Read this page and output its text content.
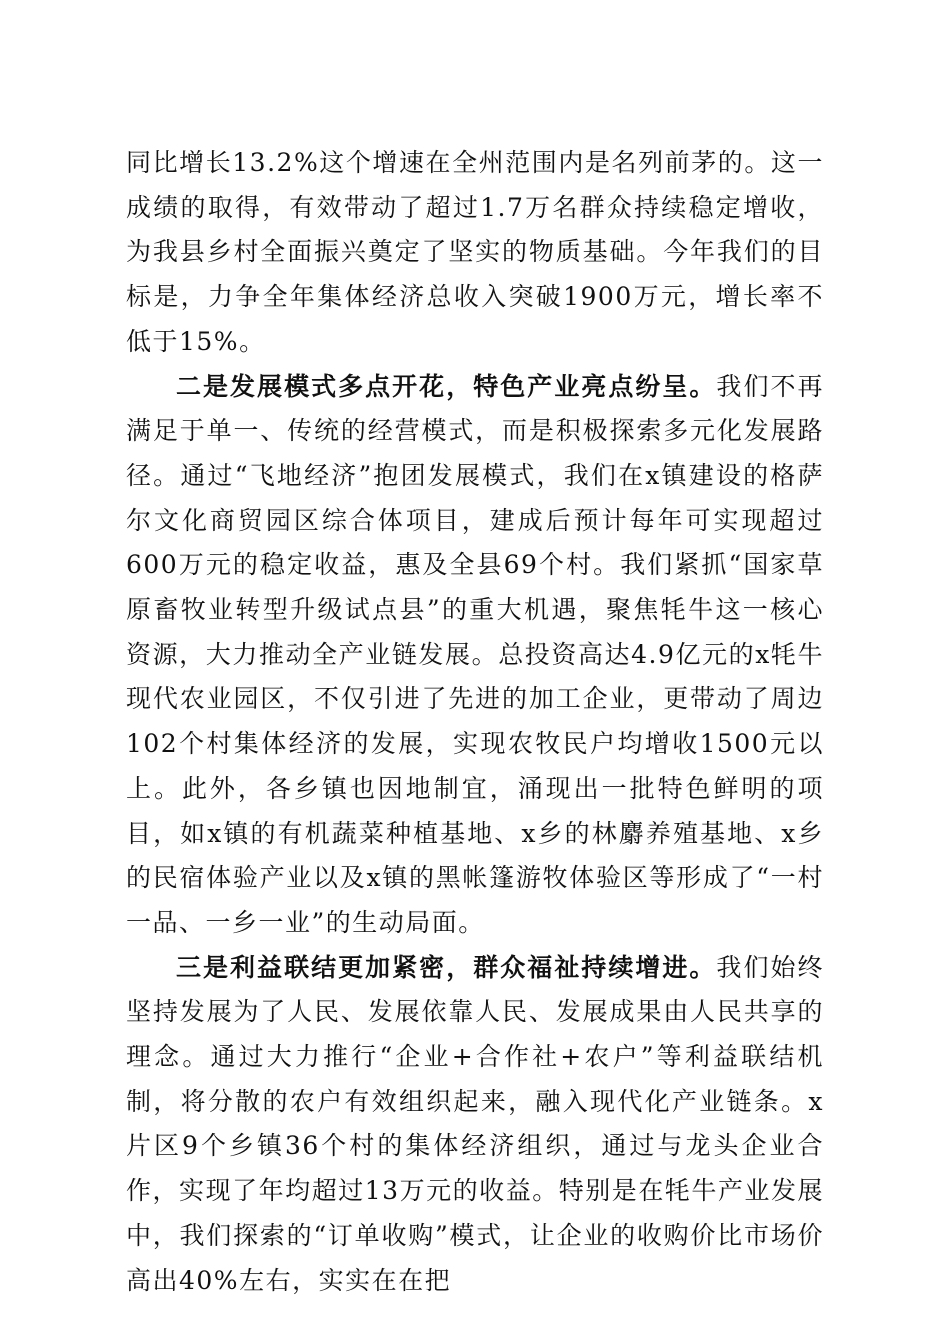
同比增长13.2%这个增速在全州范围内是名列前茅的。这一成绩的取得，有效带动了超过1.7万名群众持续稳定增收，为我县乡村全面振兴奠定了坚实的物质基础。今年我们的目标是，力争全年集体经济总收入突破1900万元，增长率不低于15%。

二是发展模式多点开花，特色产业亮点纷呈。我们不再满足于单一、传统的经营模式，而是积极探索多元化发展路径。通过“飞地经济”抱团发展模式，我们在x镇建设的格萨尔文化商贸园区综合体项目，建成后预计每年可实现超过600万元的稳定收益，惠及全县69个村。我们紧抓“国家草原畜牧业转型升级试点县”的重大机遇，聚焦牦牛这一核心资源，大力推动全产业链发展。总投资高达4.9亿元的x牦牛现代农业园区，不仅引进了先进的加工企业，更带动了周边102个村集体经济的发展，实现农牧民户均增收1500元以上。此外，各乡镇也因地制宜，涌现出一批特色鲜明的项目，如x镇的有机蔬菜种植基地、x乡的林麝养殖基地、x乡的民宿体验产业以及x镇的黑帐篷游牧体验区等形成了“一村一品、一乡一业”的生动局面。

三是利益联结更加紧密，群众福祉持续增进。我们始终坚持发展为了人民、发展依靠人民、发展成果由人民共享的理念。通过大力推行“企业+合作社+农户”等利益联结机制，将分散的农户有效组织起来，融入现代化产业链条。x片区9个乡镇36个村的集体经济组织，通过与龙头企业合作，实现了年均超过13万元的收益。特别是在牦牛产业发展中，我们探索的“订单收购”模式，让企业的收购价比市场价高出40%左右，实实在在把
